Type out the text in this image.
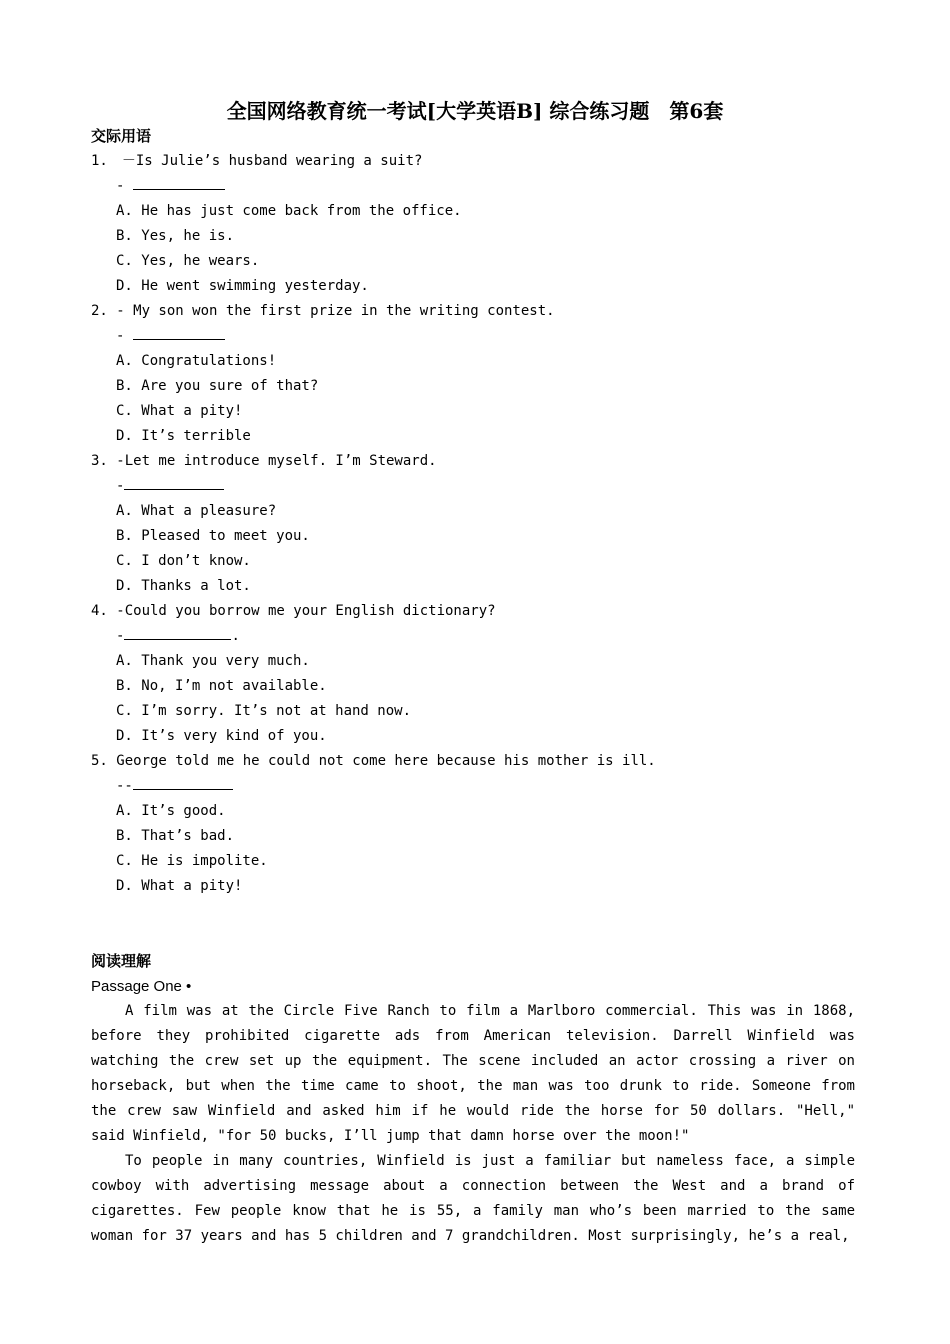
全国网络教育统一考试[大学英语B] 综合练习题　第6套
交际用语
1.　－Is Julie’s husband wearing a suit?
-
A. He has just come back from the office.
B. Yes, he is.
C. Yes, he wears.
D. He went swimming yesterday.
2. - My son won the first prize in the writing contest.
-
A. Congratulations!
B. Are you sure of that?
C. What a pity!
D. It’s terrible
3. -Let me introduce myself. I’m Steward.
-
A. What a pleasure?
B. Pleased to meet you.
C. I don’t know.
D. Thanks a lot.
4. -Could you borrow me your English dictionary?
-	.
A. Thank you very much.
B. No, I’m not available.
C. I’m sorry. It’s not at hand now.
D. It’s very kind of you.
5. George told me he could not come here because his mother is ill.
--
A. It’s good.
B. That’s bad.
C. He is impolite.
D. What a pity!
阅读理解
Passage One •

A film was at the Circle Five Ranch to film a Marlboro commercial. This was in 1868, before they prohibited cigarette ads from American television. Darrell Winfield was watching the crew set up the equipment. The scene included an actor crossing a river on horseback, but when the time came to shoot, the man was too drunk to ride. Someone from the crew saw Winfield and asked him if he would ride the horse for 50 dollars. "Hell," said Winfield, "for 50 bucks, I’ll jump that damn horse over the moon!"

To people in many countries, Winfield is just a familiar but nameless face, a simple cowboy with advertising message about a connection between the West and a brand of cigarettes. Few people know that he is 55, a family man who’s been married to the same woman for 37 years and has 5 children and 7 grandchildren. Most surprisingly, he’s a real,
